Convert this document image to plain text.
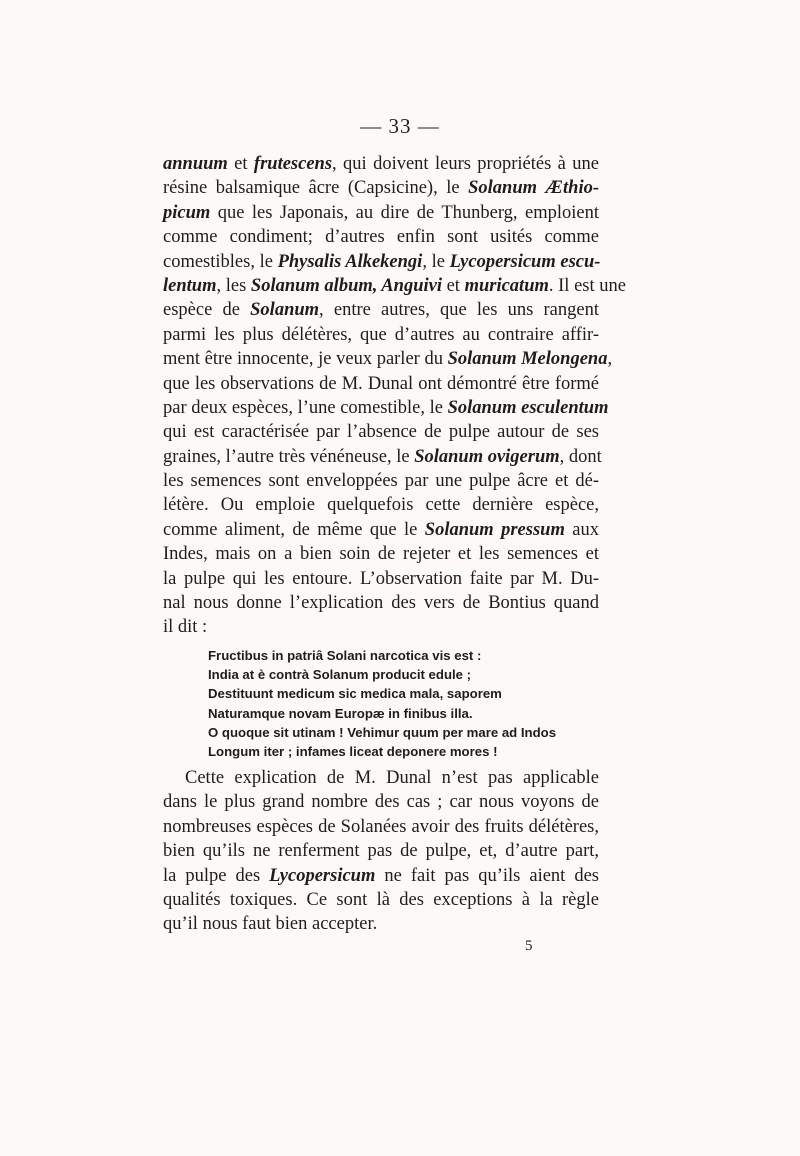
— 33 —
annuum et frutescens, qui doivent leurs propriétés à une
résine balsamique âcre (Capsicine), le Solanum Æthio-
picum que les Japonais, au dire de Thunberg, emploient
comme condiment; d’autres enfin sont usités comme
comestibles, le Physalis Alkekengi, le Lycopersicum escu-
lentum, les Solanum album, Anguivi et muricatum. Il est une
espèce de Solanum, entre autres, que les uns rangent
parmi les plus délétères, que d’autres au contraire affir-
ment être innocente, je veux parler du Solanum Melongena,
que les observations de M. Dunal ont démontré être formé
par deux espèces, l’une comestible, le Solanum esculentum
qui est caractérisée par l’absence de pulpe autour de ses
graines, l’autre très vénéneuse, le Solanum ovigerum, dont
les semences sont enveloppées par une pulpe âcre et dé-
létère. Ou emploie quelquefois cette dernière espèce,
comme aliment, de même que le Solanum pressum aux
Indes, mais on a bien soin de rejeter et les semences et
la pulpe qui les entoure. L’observation faite par M. Du-
nal nous donne l’explication des vers de Bontius quand
il dit :
Fructibus in patriâ Solani narcotica vis est :
India at è contrà Solanum producit edule ;
Destituunt medicum sic medica mala, saporem
Naturamque novam Europæ in finibus illa.
O quoque sit utinam ! Vehimur quum per mare ad Indos
Longum iter ; infames liceat deponere mores !
Cette explication de M. Dunal n’est pas applicable
dans le plus grand nombre des cas ; car nous voyons de
nombreuses espèces de Solanées avoir des fruits délétères,
bien qu’ils ne renferment pas de pulpe, et, d’autre part,
la pulpe des Lycopersicum ne fait pas qu’ils aient des
qualités toxiques. Ce sont là des exceptions à la règle
qu’il nous faut bien accepter.
5
